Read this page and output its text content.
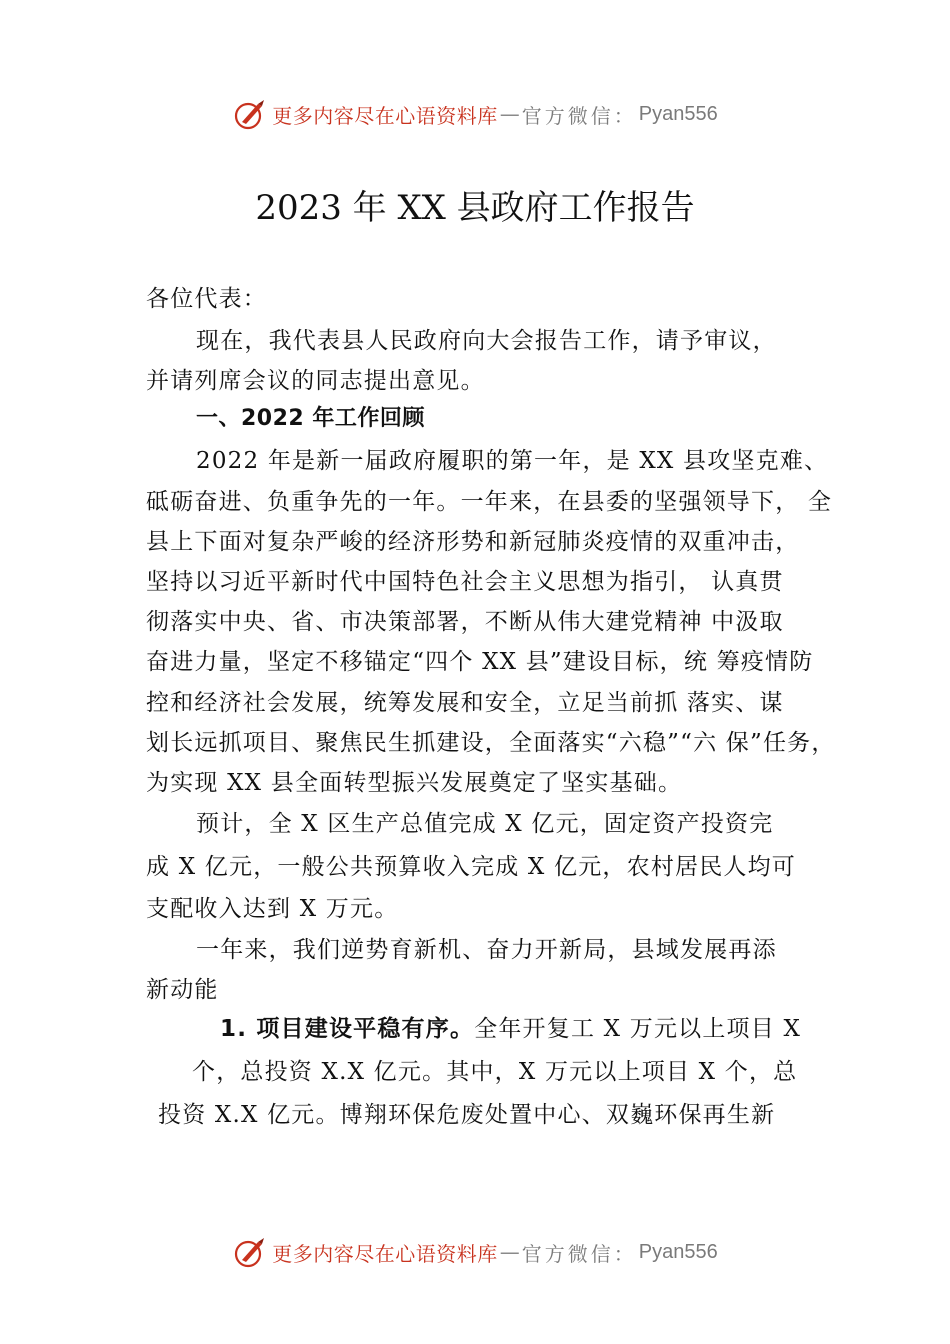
更多内容尽在心语资料库 — 官方微信： Pyan556
2023 年 XX 县政府工作报告
各位代表：
现在，我代表县人民政府向大会报告工作，请予审议，
并请列席会议的同志提出意见。
一、2022 年工作回顾
2022 年是新一届政府履职的第一年，是 XX 县攻坚克难、
砥砺奋进、负重争先的一年。一年来，在县委的坚强领导下， 全
县上下面对复杂严峻的经济形势和新冠肺炎疫情的双重冲击，
坚持以习近平新时代中国特色社会主义思想为指引， 认真贯
彻落实中央、省、市决策部署，不断从伟大建党精神 中汲取
奋进力量，坚定不移锚定“四个 XX 县”建设目标，统 筹疫情防
控和经济社会发展，统筹发展和安全，立足当前抓 落实、谋
划长远抓项目、聚焦民生抓建设，全面落实“六稳”“六 保”任务，
为实现 XX 县全面转型振兴发展奠定了坚实基础。
预计，全 X 区生产总值完成 X 亿元，固定资产投资完
成 X 亿元，一般公共预算收入完成 X 亿元，农村居民人均可
支配收入达到 X 万元。
一年来，我们逆势育新机、奋力开新局，县域发展再添
新动能
1. 项目建设平稳有序。全年开复工 X 万元以上项目 X
个，总投资 X.X 亿元。其中，X 万元以上项目 X 个，总
投资 X.X 亿元。博翔环保危废处置中心、双巍环保再生新
更多内容尽在心语资料库 — 官方微信： Pyan556
